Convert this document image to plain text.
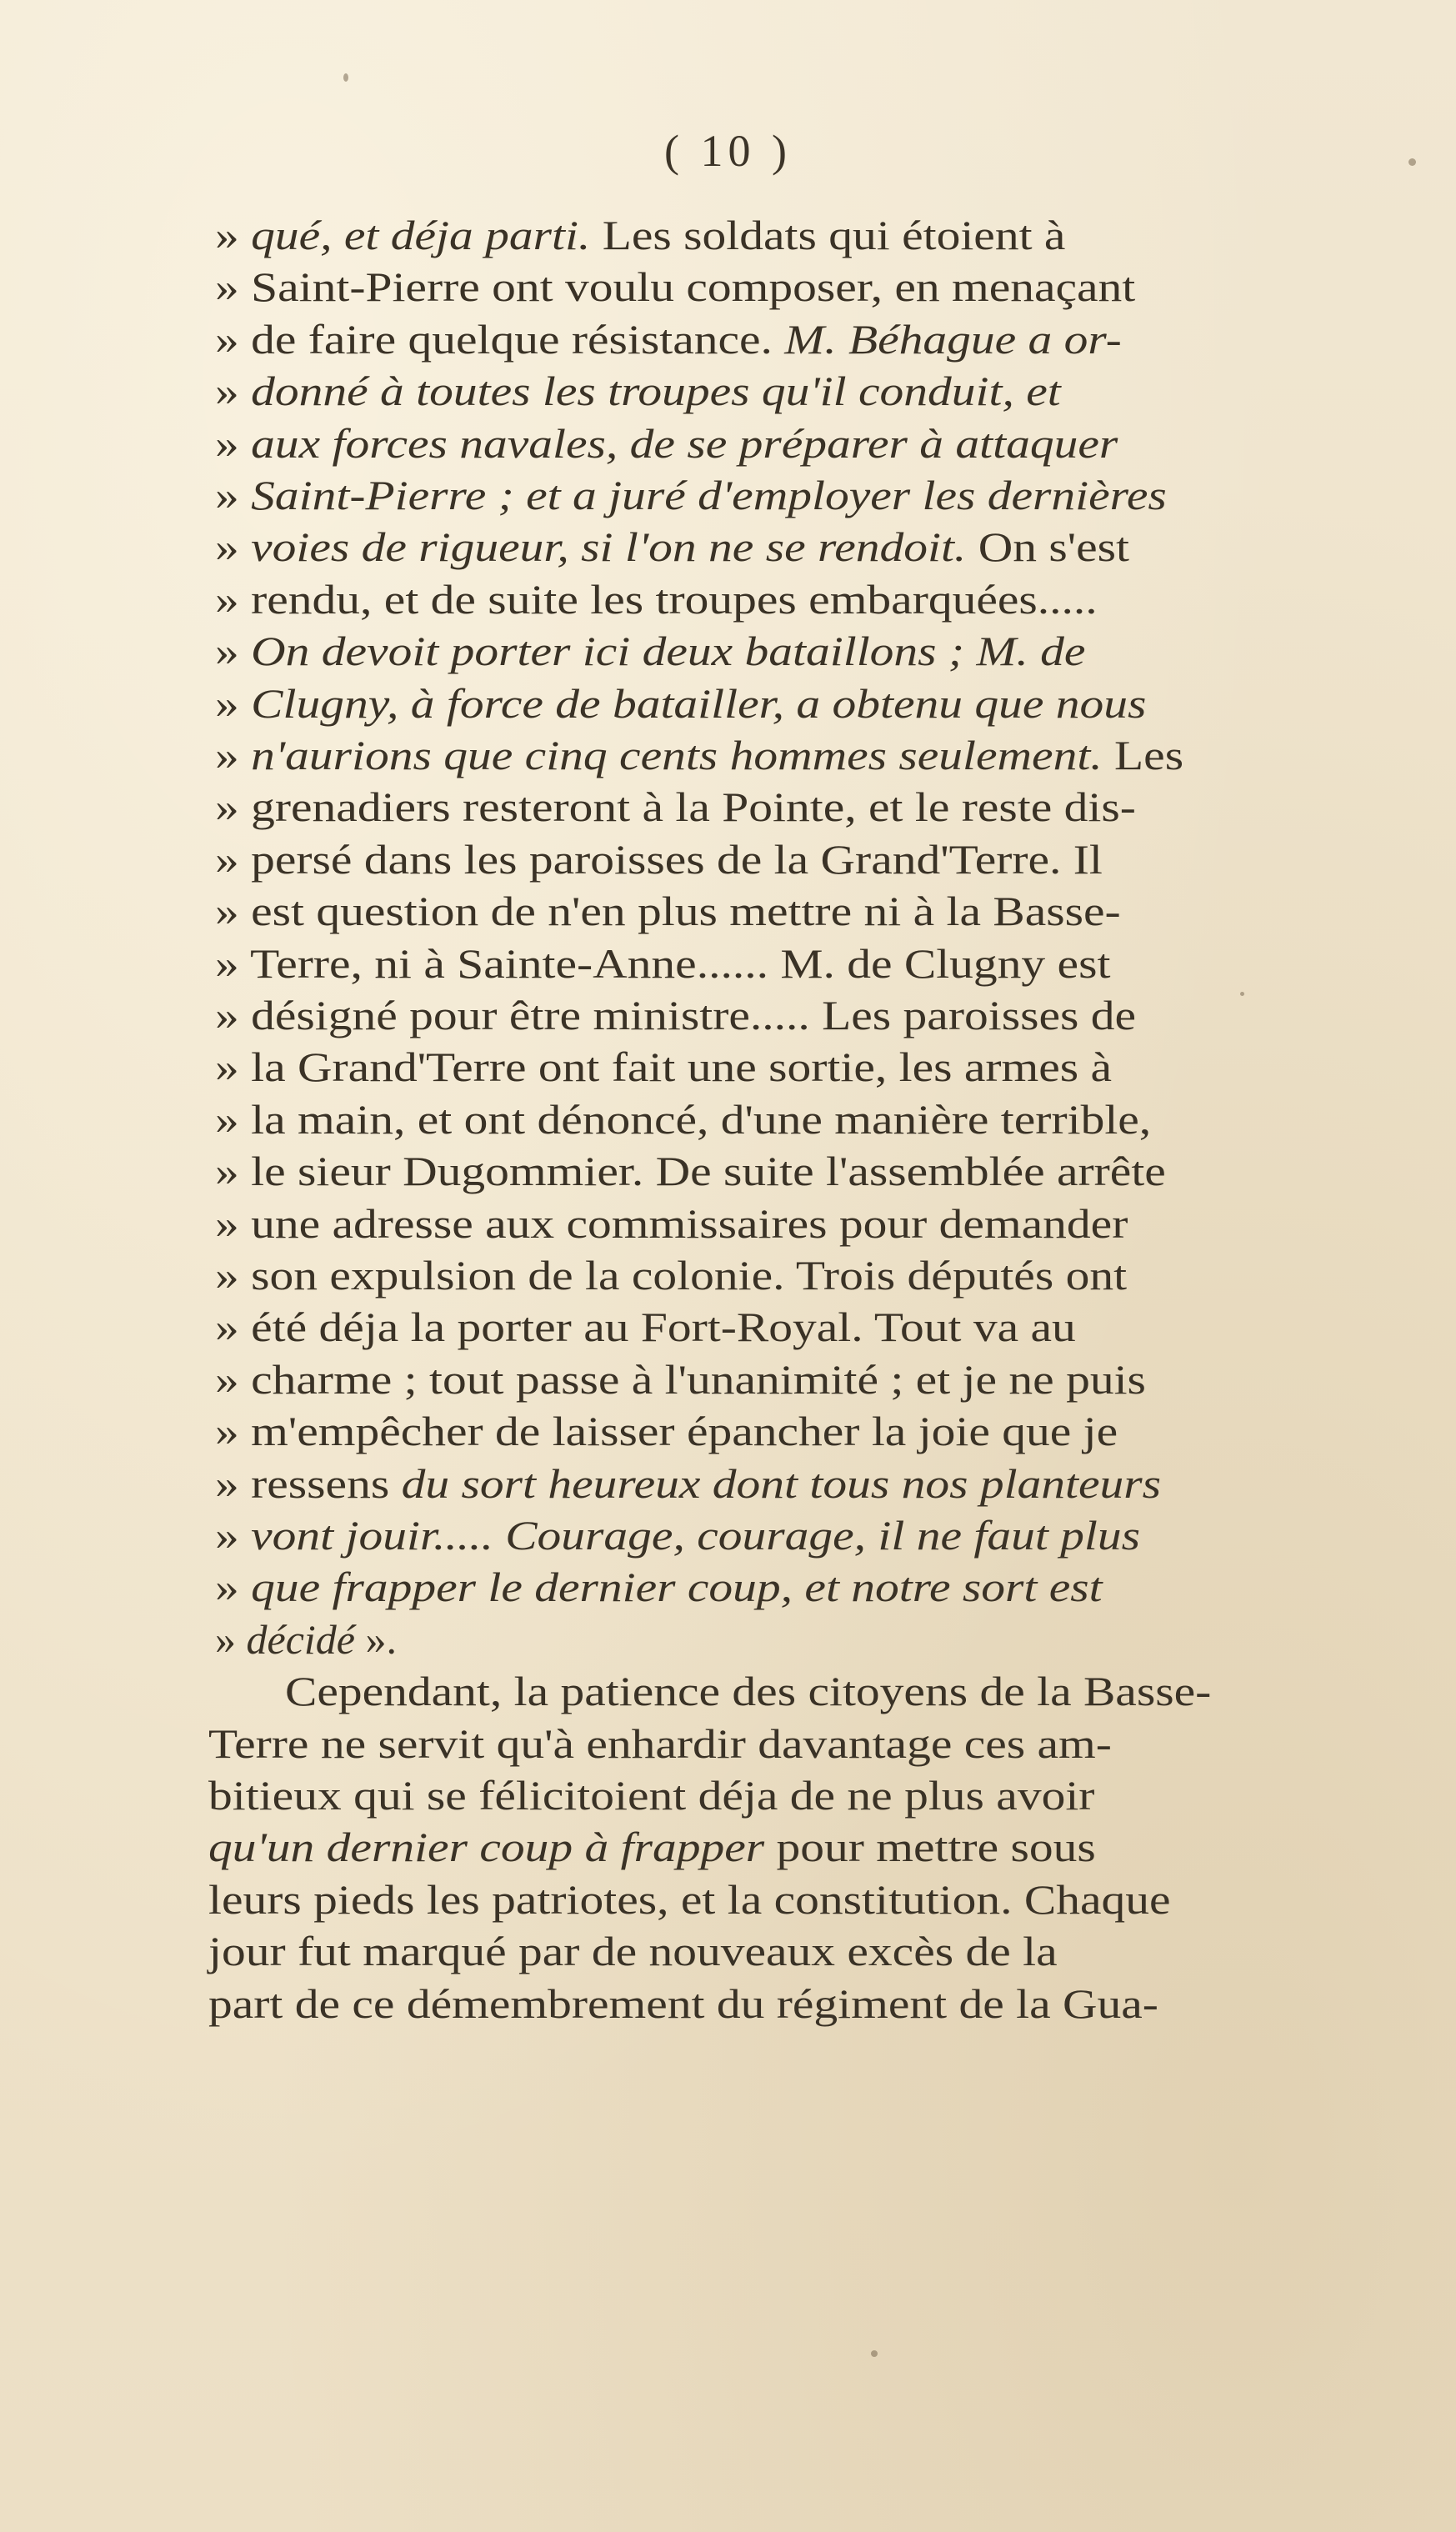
( 10 )
» qué, et déja parti. Les soldats qui étoient à
» Saint-Pierre ont voulu composer, en menaçant
» de faire quelque résistance. M. Béhague a or-
» donné à toutes les troupes qu'il conduit, et
» aux forces navales, de se préparer à attaquer
» Saint-Pierre ; et a juré d'employer les dernières
» voies de rigueur, si l'on ne se rendoit. On s'est
» rendu, et de suite les troupes embarquées.....
» On devoit porter ici deux bataillons ; M. de
» Clugny, à force de batailler, a obtenu que nous
» n'aurions que cinq cents hommes seulement. Les
» grenadiers resteront à la Pointe, et le reste dis-
» persé dans les paroisses de la Grand'Terre. Il
» est question de n'en plus mettre ni à la Basse-
» Terre, ni à Sainte-Anne...... M. de Clugny est
» désigné pour être ministre..... Les paroisses de
» la Grand'Terre ont fait une sortie, les armes à
» la main, et ont dénoncé, d'une manière terrible,
» le sieur Dugommier. De suite l'assemblée arrête
» une adresse aux commissaires pour demander
» son expulsion de la colonie. Trois députés ont
» été déja la porter au Fort-Royal. Tout va au
» charme ; tout passe à l'unanimité ; et je ne puis
» m'empêcher de laisser épancher la joie que je
» ressens du sort heureux dont tous nos planteurs
» vont jouir..... Courage, courage, il ne faut plus
» que frapper le dernier coup, et notre sort est
» décidé ».
Cependant, la patience des citoyens de la Basse-
Terre ne servit qu'à enhardir davantage ces am-
bitieux qui se félicitoient déja de ne plus avoir
qu'un dernier coup à frapper pour mettre sous
leurs pieds les patriotes, et la constitution. Chaque
jour fut marqué par de nouveaux excès de la
part de ce démembrement du régiment de la Gua-
